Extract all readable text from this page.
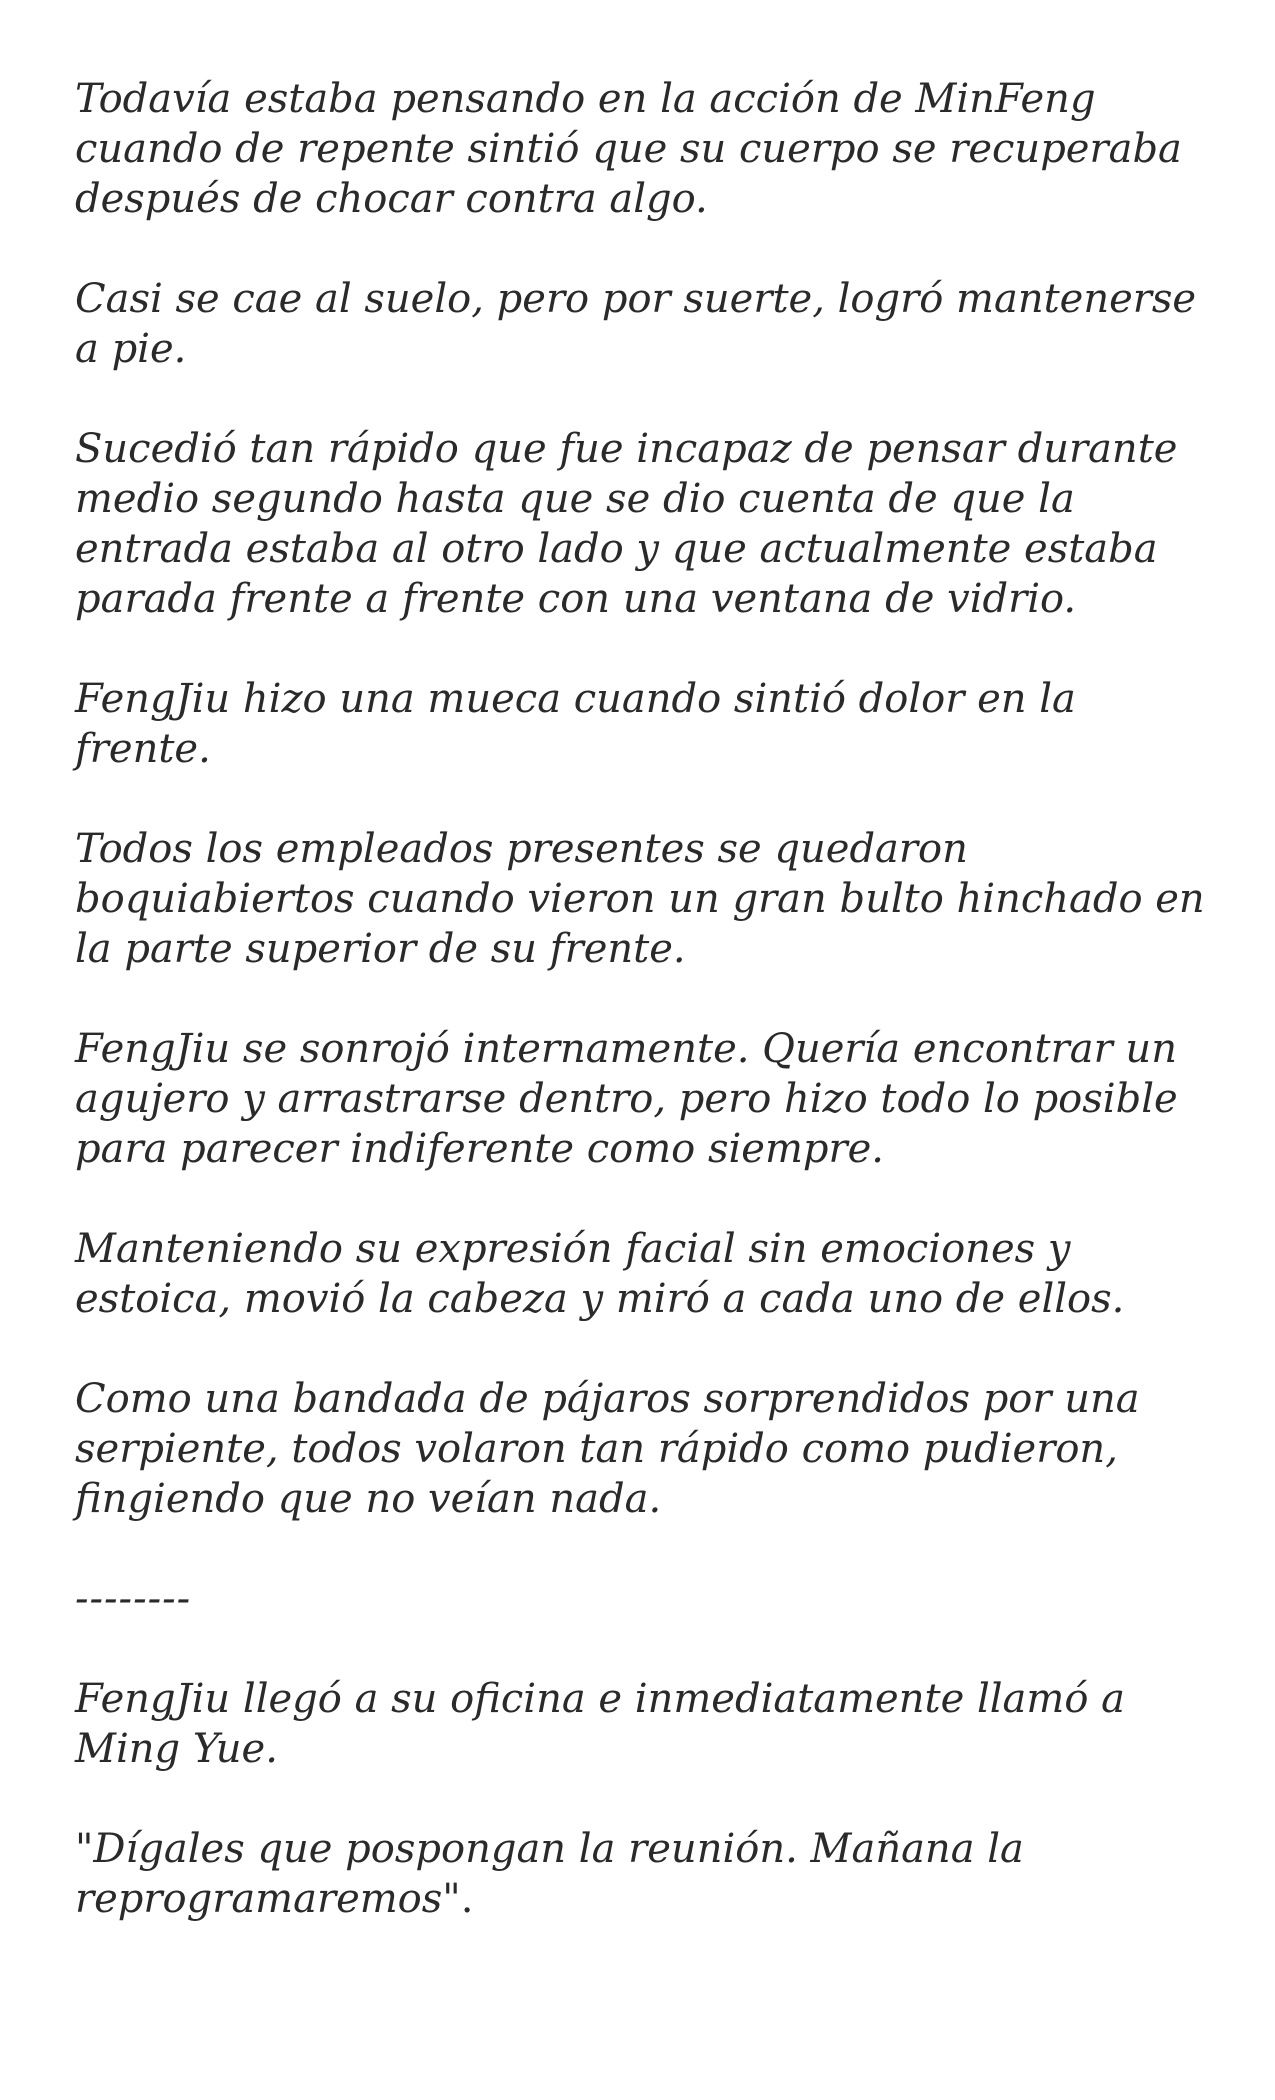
Todavía estaba pensando en la acción de MinFeng cuando de repente sintió que su cuerpo se recuperaba después de chocar contra algo.

Casi se cae al suelo, pero por suerte, logró mantenerse a pie.

Sucedió tan rápido que fue incapaz de pensar durante medio segundo hasta que se dio cuenta de que la entrada estaba al otro lado y que actualmente estaba parada frente a frente con una ventana de vidrio.

FengJiu hizo una mueca cuando sintió dolor en la frente.

Todos los empleados presentes se quedaron boquiabiertos cuando vieron un gran bulto hinchado en la parte superior de su frente.

FengJiu se sonrojó internamente. Quería encontrar un agujero y arrastrarse dentro, pero hizo todo lo posible para parecer indiferente como siempre.

Manteniendo su expresión facial sin emociones y estoica, movió la cabeza y miró a cada uno de ellos.

Como una bandada de pájaros sorprendidos por una serpiente, todos volaron tan rápido como pudieron, fingiendo que no veían nada.

--------

FengJiu llegó a su oficina e inmediatamente llamó a Ming Yue.

"Dígales que pospongan la reunión. Mañana la reprogramaremos".
